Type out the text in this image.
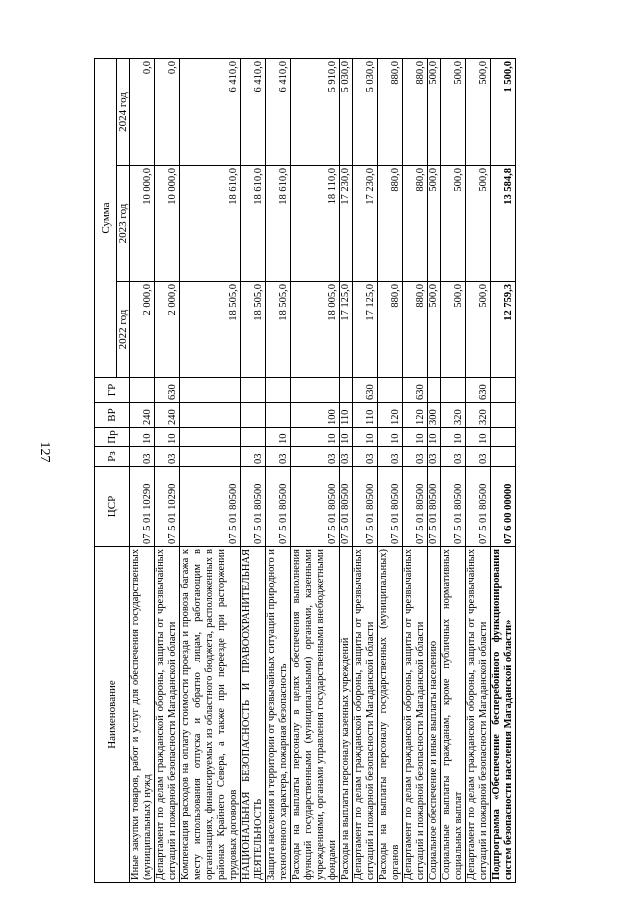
127
Наименование	ЦСР	Рз	Пр	ВР	ГР	Сумма		
						2022 год	2023 год	2024 год
Иные закупки товаров, работ и услуг для обеспечения государственных (муниципальных) нужд	07 5 01 10290	03	10	240		2 000,0	10 000,0	0,0
Департамент по делам гражданской обороны, защиты от чрезвычайных ситуаций и пожарной безопасности Магаданской области	07 5 01 10290	03	10	240	630	2 000,0	10 000,0	0,0
Компенсация расходов на оплату стоимости проезда и провоза багажа к месту использования отпуска и обратно лицам, работающим в организациях, финансируемых из областного бюджета, расположенных в районах Крайнего Севера, а также при переезде при расторжении трудовых договоров	07 5 01 80500					18 505,0	18 610,0	6 410,0
НАЦИОНАЛЬНАЯ БЕЗОПАСНОСТЬ И ПРАВООХРАНИТЕЛЬНАЯ ДЕЯТЕЛЬНОСТЬ	07 5 01 80500	03				18 505,0	18 610,0	6 410,0
Защита населения и территории от чрезвычайных ситуаций природного и техногенного характера, пожарная безопасность	07 5 01 80500	03	10			18 505,0	18 610,0	6 410,0
Расходы на выплаты персоналу в целях обеспечения выполнения функций государственными (муниципальными) органами, казенными учреждениями, органами управления государственными внебюджетными фондами	07 5 01 80500	03	10	100		18 005,0	18 110,0	5 910,0
Расходы на выплаты персоналу казенных учреждений	07 5 01 80500	03	10	110		17 125,0	17 230,0	5 030,0
Департамент по делам гражданской обороны, защиты от чрезвычайных ситуаций и пожарной безопасности Магаданской области	07 5 01 80500	03	10	110	630	17 125,0	17 230,0	5 030,0
Расходы на выплаты персоналу государственных (муниципальных) органов	07 5 01 80500	03	10	120		880,0	880,0	880,0
Департамент по делам гражданской обороны, защиты от чрезвычайных ситуаций и пожарной безопасности Магаданской области	07 5 01 80500	03	10	120	630	880,0	880,0	880,0
Социальное обеспечение и иные выплаты населению	07 5 01 80500	03	10	300		500,0	500,0	500,0
Социальные выплаты гражданам, кроме публичных нормативных социальных выплат	07 5 01 80500	03	10	320		500,0	500,0	500,0
Департамент по делам гражданской обороны, защиты от чрезвычайных ситуаций и пожарной безопасности Магаданской области	07 5 01 80500	03	10	320	630	500,0	500,0	500,0
Подпрограмма «Обеспечение бесперебойного функционирования систем безопасности населения Магаданской области»	07 6 00 00000					12 759,3	13 584,8	1 500,0
